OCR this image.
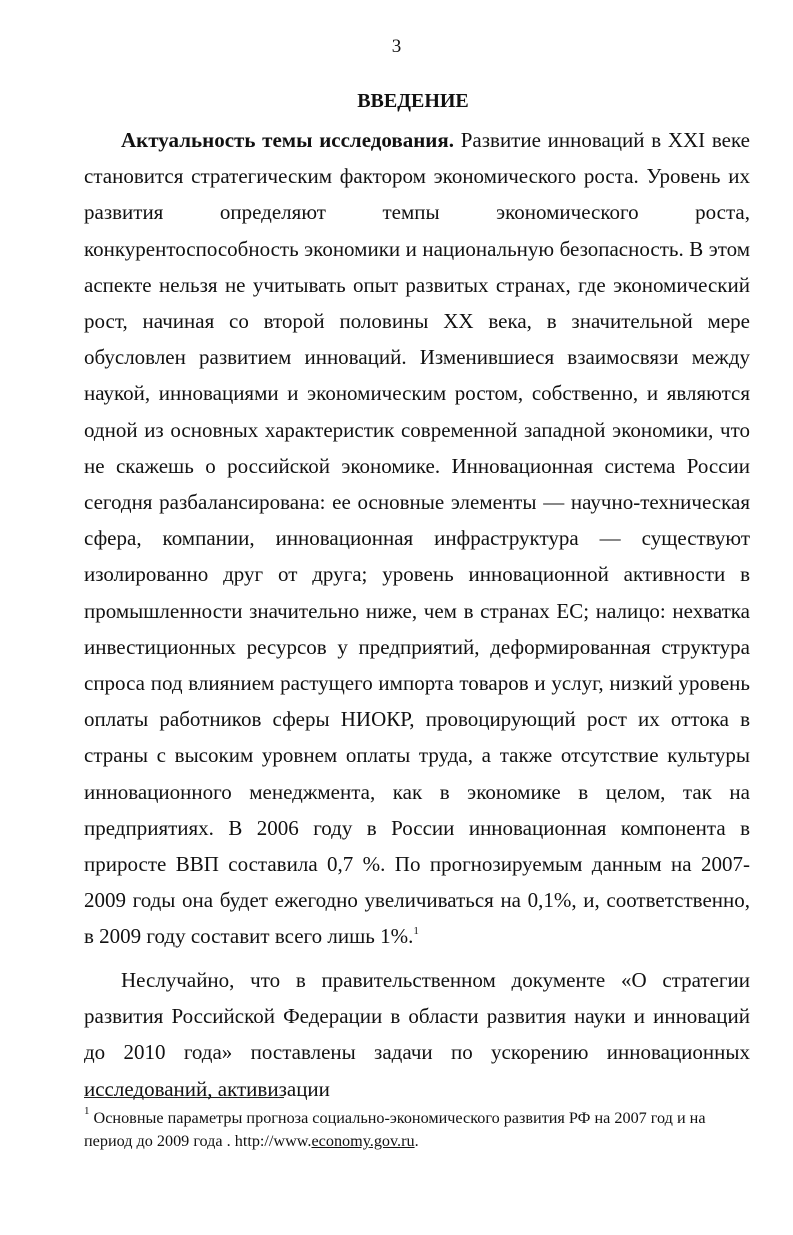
3
ВВЕДЕНИЕ

Актуальность темы исследования. Развитие инноваций в XXI веке становится стратегическим фактором экономического роста. Уровень их развития определяют темпы экономического роста, конкурентоспособность экономики и национальную безопасность. В этом аспекте нельзя не учитывать опыт развитых странах, где экономический рост, начиная со второй половины XX века, в значительной мере обусловлен развитием инноваций. Изменившиеся взаимосвязи между наукой, инновациями и экономическим ростом, собственно, и являются одной из основных характеристик современной западной экономики, что не скажешь о российской экономике. Инновационная система России сегодня разбалансирована: ее основные элементы — научно-техническая сфера, компании, инновационная инфраструктура — существуют изолированно друг от друга; уровень инновационной активности в промышленности значительно ниже, чем в странах ЕС; налицо: нехватка инвестиционных ресурсов у предприятий, деформированная структура спроса под влиянием растущего импорта товаров и услуг, низкий уровень оплаты работников сферы НИОКР, провоцирующий рост их оттока в страны с высоким уровнем оплаты труда, а также отсутствие культуры инновационного менеджмента, как в экономике в целом, так на предприятиях. В 2006 году в России инновационная компонента в приросте ВВП составила 0,7 %. По прогнозируемым данным на 2007-2009 годы она будет ежегодно увеличиваться на 0,1%, и, соответственно, в 2009 году составит всего лишь 1%.$^1$

Неслучайно, что в правительственном документе «О стратегии развития Российской Федерации в области развития науки и инноваций до 2010 года» поставлены задачи по ускорению инновационных исследований, активизации

$^1$ Основные параметры прогноза социально-экономического развития РФ на 2007 год и на период до 2009 года . http://www.economy.gov.ru.
